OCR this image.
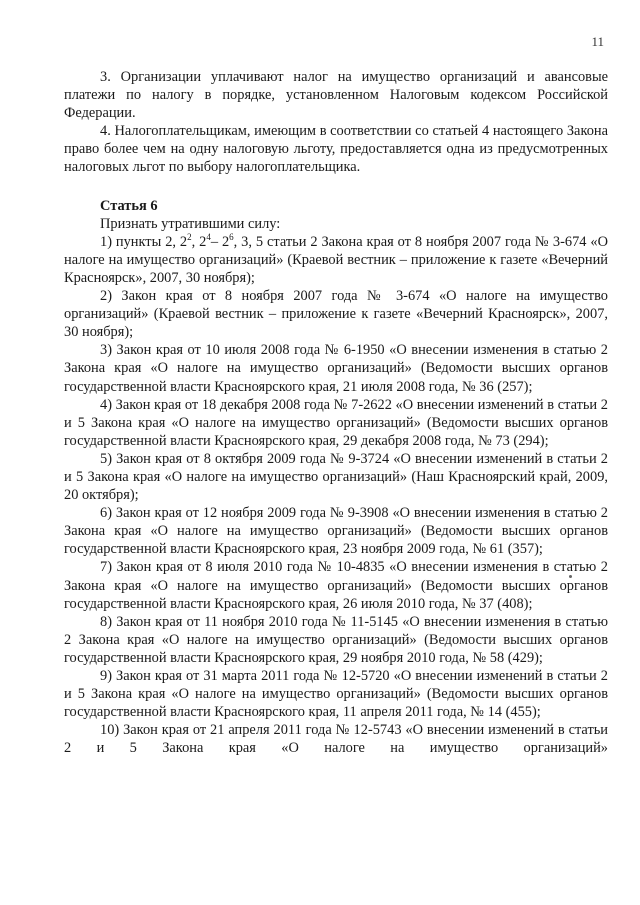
11

3. Организации уплачивают налог на имущество организаций и авансовые платежи по налогу в порядке, установленном Налоговым кодексом Российской Федерации.

4. Налогоплательщикам, имеющим в соответствии со статьей 4 настоящего Закона право более чем на одну налоговую льготу, предоставляется одна из предусмотренных налоговых льгот по выбору налогоплательщика.

Статья 6

Признать утратившими силу:

1) пункты 2, $2^2$, $2^4-$ $2^6$, 3, 5 статьи 2 Закона края от 8 ноября 2007 года № 3-674 «О налоге на имущество организаций» (Краевой вестник – приложение к газете «Вечерний Красноярск», 2007, 30 ноября);
2) Закон края от 8 ноября 2007 года № 3-674 «О налоге на имущество организаций» (Краевой вестник – приложение к газете «Вечерний Красноярск», 2007, 30 ноября);
3) Закон края от 10 июля 2008 года № 6-1950 «О внесении изменения в статью 2 Закона края «О налоге на имущество организаций» (Ведомости высших органов государственной власти Красноярского края, 21 июля 2008 года, № 36 (257);
4) Закон края от 18 декабря 2008 года № 7-2622 «О внесении изменений в статьи 2 и 5 Закона края «О налоге на имущество организаций» (Ведомости высших органов государственной власти Красноярского края, 29 декабря 2008 года, № 73 (294);
5) Закон края от 8 октября 2009 года № 9-3724 «О внесении изменений в статьи 2 и 5 Закона края «О налоге на имущество организаций» (Наш Красноярский край, 2009, 20 октября);
6) Закон края от 12 ноября 2009 года № 9-3908 «О внесении изменения в статью 2 Закона края «О налоге на имущество организаций» (Ведомости высших органов государственной власти Красноярского края, 23 ноября 2009 года, № 61 (357);
7) Закон края от 8 июля 2010 года № 10-4835 «О внесении изменения в статью 2 Закона края «О налоге на имущество организаций» (Ведомости высших органов государственной власти Красноярского края, 26 июля 2010 года, № 37 (408);
8) Закон края от 11 ноября 2010 года № 11-5145 «О внесении изменения в статью 2 Закона края «О налоге на имущество организаций» (Ведомости высших органов государственной власти Красноярского края, 29 ноября 2010 года, № 58 (429);
9) Закон края от 31 марта 2011 года № 12-5720 «О внесении изменений в статьи 2 и 5 Закона края «О налоге на имущество организаций» (Ведомости высших органов государственной власти Красноярского края, 11 апреля 2011 года, № 14 (455);
10) Закон края от 21 апреля 2011 года № 12-5743 «О внесении изменений в статьи 2 и 5 Закона края «О налоге на имущество организаций»
